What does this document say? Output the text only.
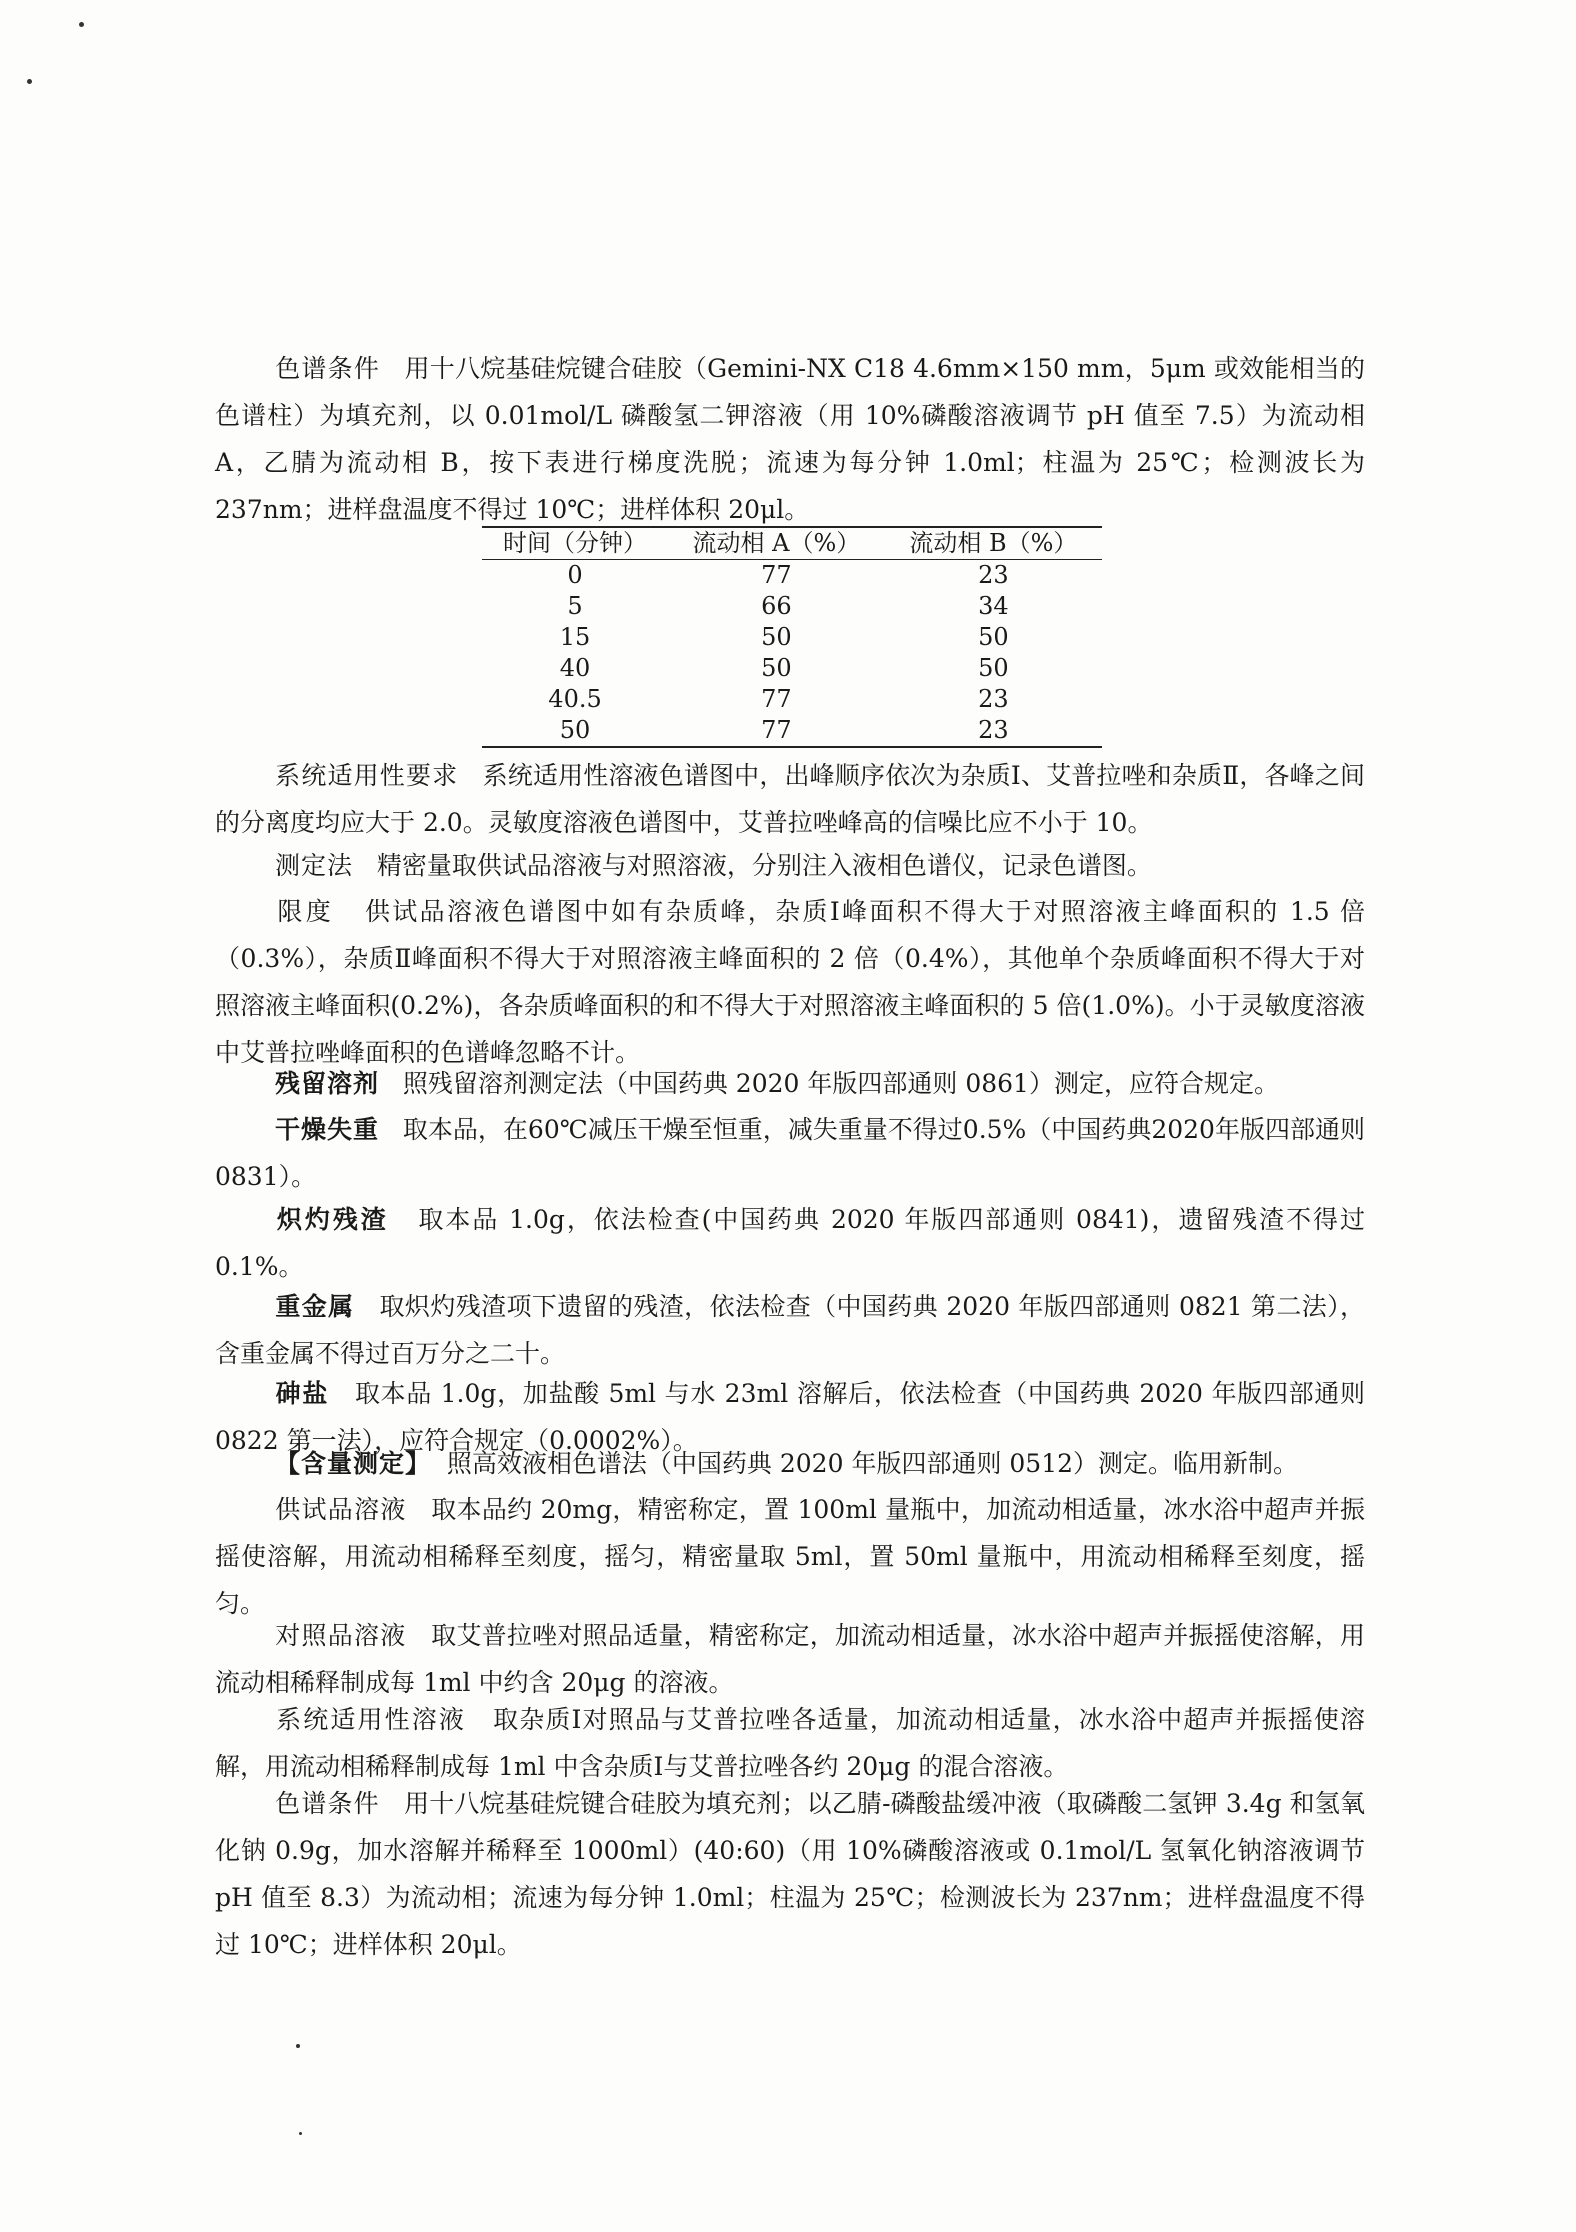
色谱条件 用十八烷基硅烷键合硅胶（Gemini-NX C18 4.6mm×150 mm，5μm 或效能相当的色谱柱）为填充剂，以 0.01mol/L 磷酸氢二钾溶液（用 10%磷酸溶液调节 pH 值至 7.5）为流动相 A，乙腈为流动相 B，按下表进行梯度洗脱；流速为每分钟 1.0ml；柱温为 25℃；检测波长为 237nm；进样盘温度不得过 10℃；进样体积 20μl。

时间（分钟）	流动相 A（%）	流动相 B（%）
0	77	23
5	66	34
15	50	50
40	50	50
40.5	77	23
50	77	23

系统适用性要求 系统适用性溶液色谱图中，出峰顺序依次为杂质Ⅰ、艾普拉唑和杂质Ⅱ，各峰之间的分离度均应大于 2.0。灵敏度溶液色谱图中，艾普拉唑峰高的信噪比应不小于 10。

测定法 精密量取供试品溶液与对照溶液，分别注入液相色谱仪，记录色谱图。

限度 供试品溶液色谱图中如有杂质峰，杂质Ⅰ峰面积不得大于对照溶液主峰面积的 1.5 倍（0.3%），杂质Ⅱ峰面积不得大于对照溶液主峰面积的 2 倍（0.4%），其他单个杂质峰面积不得大于对照溶液主峰面积(0.2%)，各杂质峰面积的和不得大于对照溶液主峰面积的 5 倍(1.0%)。小于灵敏度溶液中艾普拉唑峰面积的色谱峰忽略不计。

残留溶剂 照残留溶剂测定法（中国药典 2020 年版四部通则 0861）测定，应符合规定。

干燥失重 取本品，在60℃减压干燥至恒重，减失重量不得过0.5%（中国药典2020年版四部通则0831）。

炽灼残渣 取本品 1.0g，依法检查(中国药典 2020 年版四部通则 0841)，遗留残渣不得过 0.1%。

重金属 取炽灼残渣项下遗留的残渣，依法检查（中国药典 2020 年版四部通则 0821 第二法），含重金属不得过百万分之二十。

砷盐 取本品 1.0g，加盐酸 5ml 与水 23ml 溶解后，依法检查（中国药典 2020 年版四部通则 0822 第一法），应符合规定（0.0002%）。

【含量测定】 照高效液相色谱法（中国药典 2020 年版四部通则 0512）测定。临用新制。

供试品溶液 取本品约 20mg，精密称定，置 100ml 量瓶中，加流动相适量，冰水浴中超声并振摇使溶解，用流动相稀释至刻度，摇匀，精密量取 5ml，置 50ml 量瓶中，用流动相稀释至刻度，摇匀。

对照品溶液 取艾普拉唑对照品适量，精密称定，加流动相适量，冰水浴中超声并振摇使溶解，用流动相稀释制成每 1ml 中约含 20μg 的溶液。

系统适用性溶液 取杂质Ⅰ对照品与艾普拉唑各适量，加流动相适量，冰水浴中超声并振摇使溶解，用流动相稀释制成每 1ml 中含杂质Ⅰ与艾普拉唑各约 20μg 的混合溶液。

色谱条件 用十八烷基硅烷键合硅胶为填充剂；以乙腈-磷酸盐缓冲液（取磷酸二氢钾 3.4g 和氢氧化钠 0.9g，加水溶解并稀释至 1000ml）(40:60)（用 10%磷酸溶液或 0.1mol/L 氢氧化钠溶液调节 pH 值至 8.3）为流动相；流速为每分钟 1.0ml；柱温为 25℃；检测波长为 237nm；进样盘温度不得过 10℃；进样体积 20μl。
